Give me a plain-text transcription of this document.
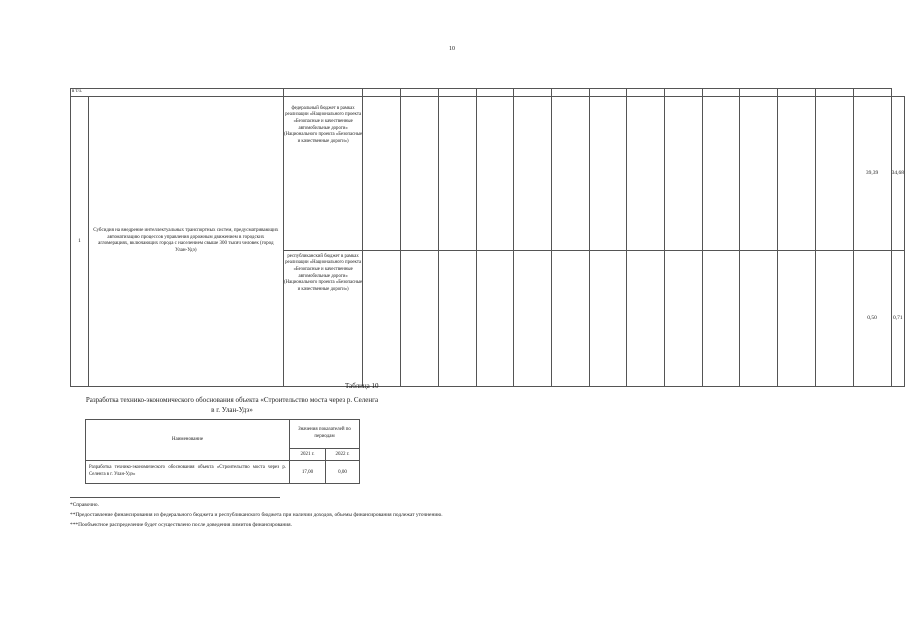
10
в т.ч.																	
1	Субсидия на внедрение интеллектуальных транспортных систем, предусматривающих автоматизацию процессов управления дорожным движением в городских агломерациях, включающих города с населением свыше 300 тысяч человек (город Улан-Удэ)	федеральный бюджет в рамках реализации «Национального проекта «Безопасные и качественные автомобильные дороги» (Национального проекта «Безопасные и качественные дороги»)														39,39	34,68
		республиканский бюджет в рамках реализации «Национального проекта «Безопасные и качественные автомобильные дороги» (Национального проекта «Безопасные и качественные дороги»)														0,50	0,71
Таблица 10
Разработка технико-экономического обоснования объекта «Строительство моста через р. Селенга в г. Улан-Удэ»
Наименование	Значения показателей по периодам	
	2021 г.	2022 г.
Разработка технико-экономического обоснования объекта «Строительство моста через р. Селенга в г. Улан-Удэ»	17,00	0,00
*Справочно.
**Предоставление финансирования из федерального бюджета и республиканского бюджета при наличии доходов, объемы финансирования подлежат уточнению.
***Пообъектное распределение будет осуществлено после доведения лимитов финансирования.
